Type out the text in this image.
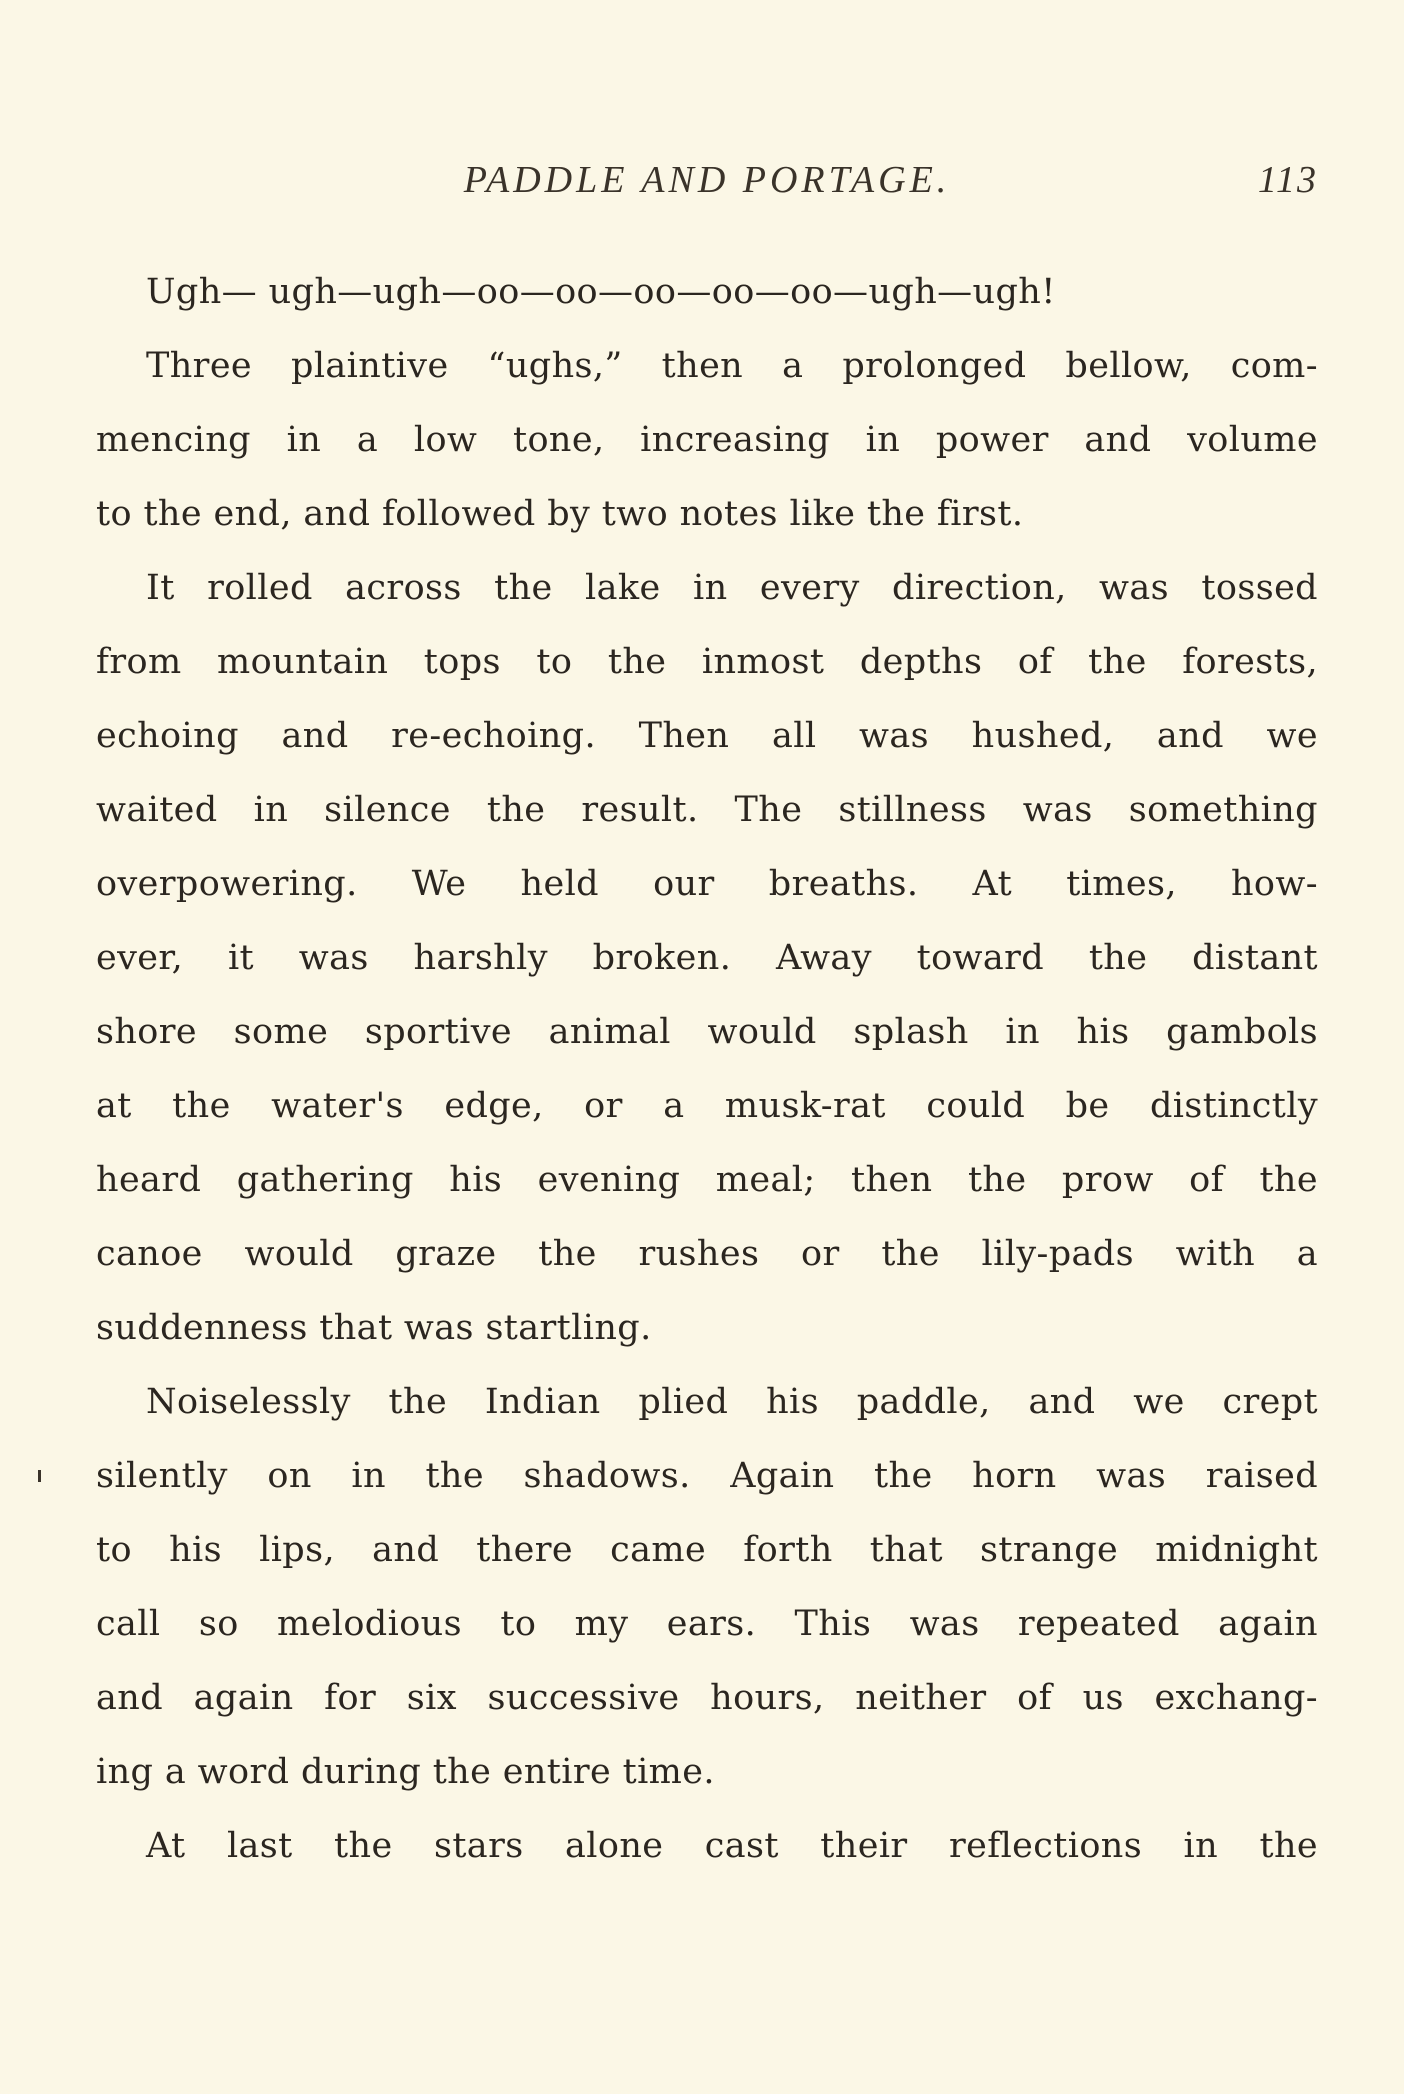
PADDLE AND PORTAGE.	113
Ugh— ugh—ugh—oo—oo—oo—oo—oo—ugh—ugh!
Three plaintive “ughs,” then a prolonged bellow, com-
mencing in a low tone, increasing in power and volume
to the end, and followed by two notes like the first.
It rolled across the lake in every direction, was tossed
from mountain tops to the inmost depths of the forests,
echoing and re-echoing. Then all was hushed, and we
waited in silence the result. The stillness was something
overpowering. We held our breaths. At times, how-
ever, it was harshly broken. Away toward the distant
shore some sportive animal would splash in his gambols
at the water's edge, or a musk-rat could be distinctly
heard gathering his evening meal; then the prow of the
canoe would graze the rushes or the lily-pads with a
suddenness that was startling.
Noiselessly the Indian plied his paddle, and we crept
silently on in the shadows. Again the horn was raised
to his lips, and there came forth that strange midnight
call so melodious to my ears. This was repeated again
and again for six successive hours, neither of us exchang-
ing a word during the entire time.
At last the stars alone cast their reflections in the
